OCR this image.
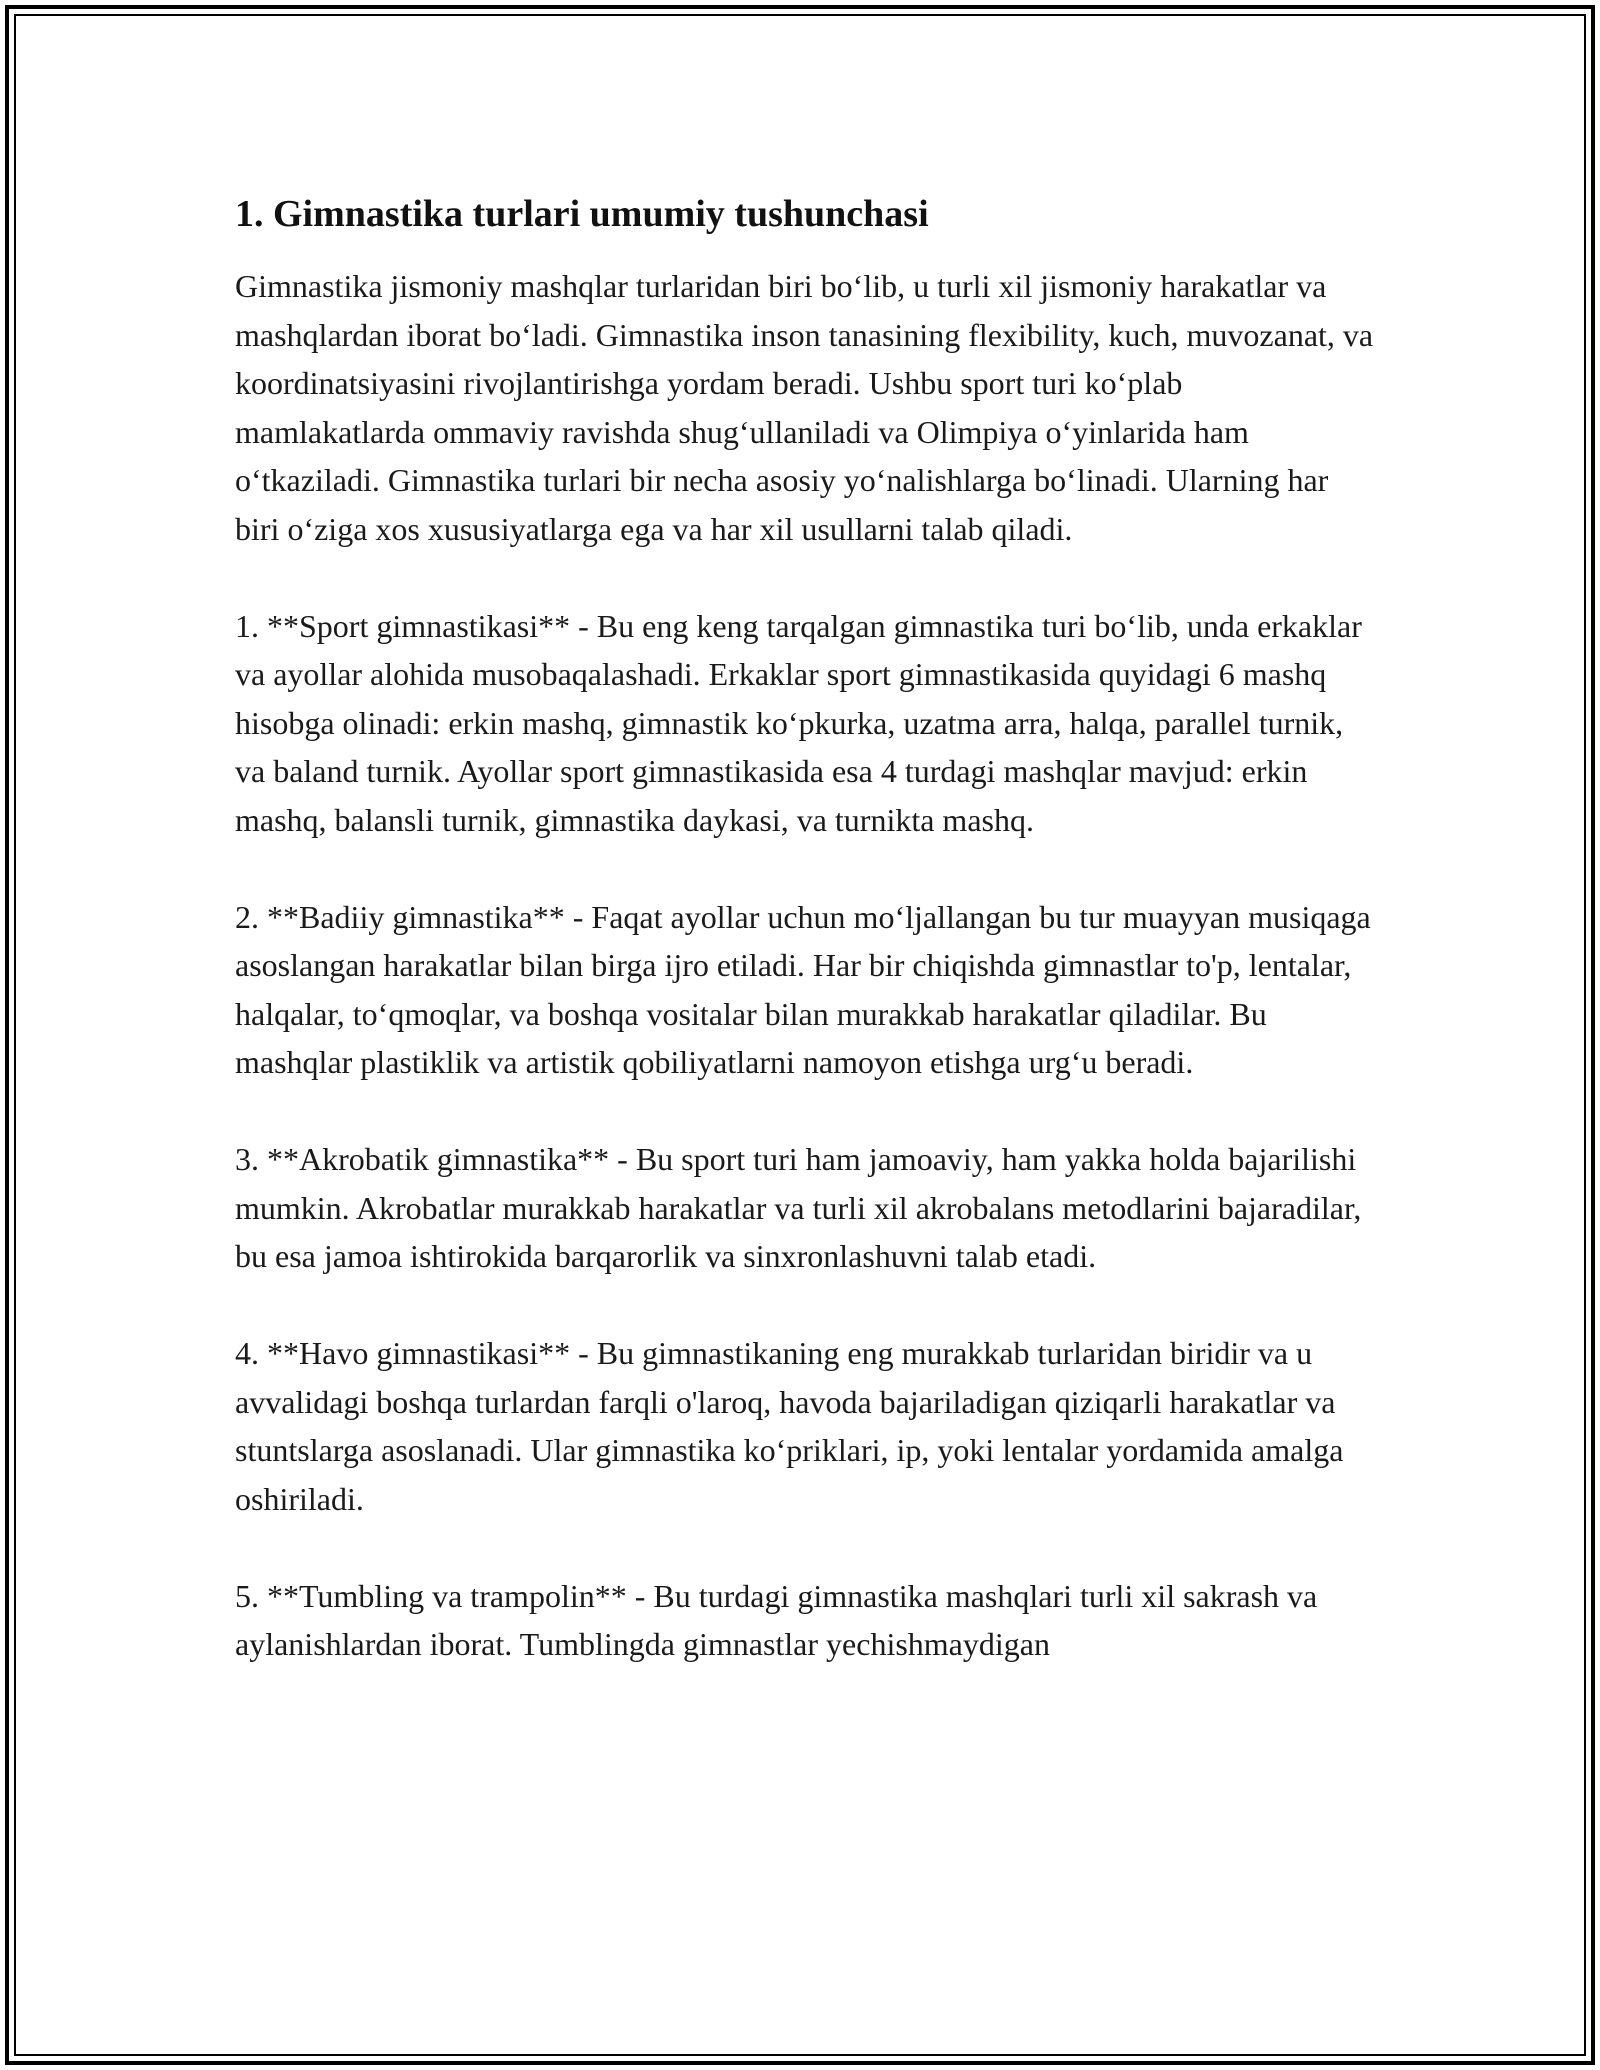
1. Gimnastika turlari umumiy tushunchasi

Gimnastika jismoniy mashqlar turlaridan biri bo‘lib, u turli xil jismoniy harakatlar va mashqlardan iborat bo‘ladi. Gimnastika inson tanasining flexibility, kuch, muvozanat, va koordinatsiyasini rivojlantirishga yordam beradi. Ushbu sport turi ko‘plab mamlakatlarda ommaviy ravishda shug‘ullaniladi va Olimpiya o‘yinlarida ham o‘tkaziladi. Gimnastika turlari bir necha asosiy yo‘nalishlarga bo‘linadi. Ularning har biri o‘ziga xos xususiyatlarga ega va har xil usullarni talab qiladi.

1. **Sport gimnastikasi** - Bu eng keng tarqalgan gimnastika turi bo‘lib, unda erkaklar va ayollar alohida musobaqalashadi. Erkaklar sport gimnastikasida quyidagi 6 mashq hisobga olinadi: erkin mashq, gimnastik ko‘pkurka, uzatma arra, halqa, parallel turnik, va baland turnik. Ayollar sport gimnastikasida esa 4 turdagi mashqlar mavjud: erkin mashq, balansli turnik, gimnastika daykasi, va turnikta mashq.

2. **Badiiy gimnastika** - Faqat ayollar uchun mo‘ljallangan bu tur muayyan musiqaga asoslangan harakatlar bilan birga ijro etiladi. Har bir chiqishda gimnastlar to'p, lentalar, halqalar, to‘qmoqlar, va boshqa vositalar bilan murakkab harakatlar qiladilar. Bu mashqlar plastiklik va artistik qobiliyatlarni namoyon etishga urg‘u beradi.

3. **Akrobatik gimnastika** - Bu sport turi ham jamoaviy, ham yakka holda bajarilishi mumkin. Akrobatlar murakkab harakatlar va turli xil akrobalans metodlarini bajaradilar, bu esa jamoa ishtirokida barqarorlik va sinxronlashuvni talab etadi.

4. **Havo gimnastikasi** - Bu gimnastikaning eng murakkab turlaridan biridir va u avvalidagi boshqa turlardan farqli o'laroq, havoda bajariladigan qiziqarli harakatlar va stuntslarga asoslanadi. Ular gimnastika ko‘priklari, ip, yoki lentalar yordamida amalga oshiriladi.

5. **Tumbling va trampolin** - Bu turdagi gimnastika mashqlari turli xil sakrash va aylanishlardan iborat. Tumblingda gimnastlar yechishmaydigan
